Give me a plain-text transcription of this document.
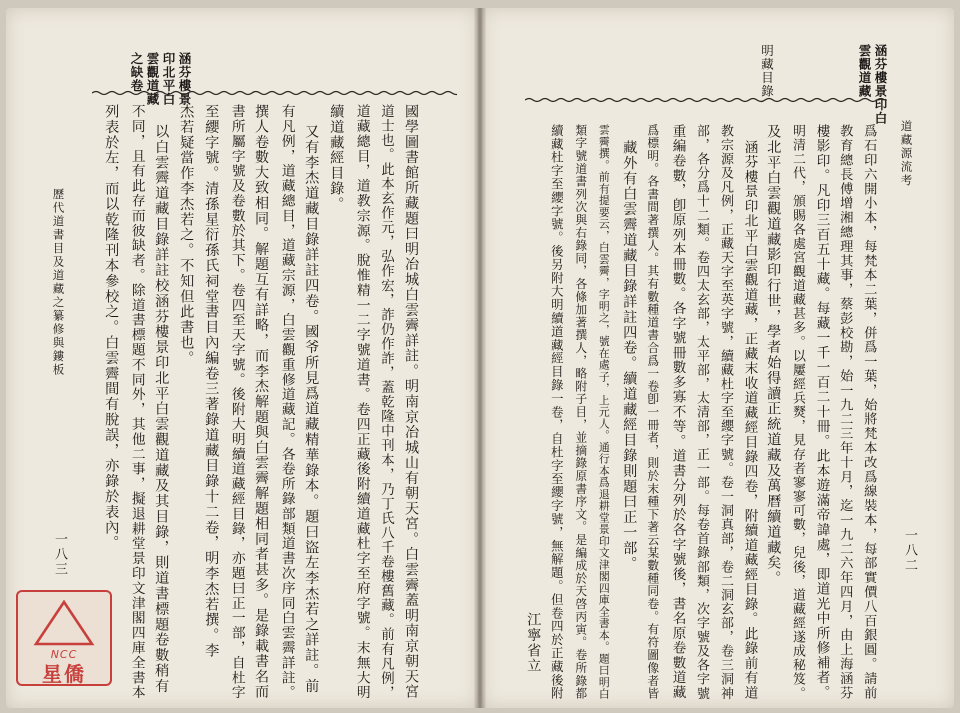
涵芬樓景印北平白雲觀道藏之缺卷
歷代道書目及道藏之纂修與鏤板
一八三	國學圖書館所藏題曰明冶城白雲霽詳註。明南京冶城山有朝天宮。白雲霽蓋明南京朝天宮
道士也。此本玄作元，弘作宏，詐仍作詐，蓋乾隆中刊本，乃丁氏八千卷樓舊藏。前有凡例，
道藏總目，道教宗源。脫惟精一二字號道書。卷四正藏後附續道藏杜字至府字號。末無大明
續道藏經目錄。
又有李杰道藏目錄詳註四卷。國爷所見爲道藏精華錄本。題曰盜左李杰若之詳註。前
有凡例，道藏總目，道藏宗源，白雲觀重修道藏記。各卷所錄部類道書次序同白雲霽詳註。
撰人卷數大致相同。解題互有詳略，而李杰解題與白雲霽解題相同者甚多。是錄載書名而
書所屬字號及卷數於其下。卷四至天字號。後附大明續道藏經目錄，亦題曰正一部，自杜字
至纓字號。清孫星衍孫氏祠堂書目內編卷三著錄道藏目錄十二卷，明李杰若撰。李
杰若疑當作李杰若之。不知但此書也。
以白雲霽道藏目錄詳註校涵芬樓景印北平白雲觀道藏及其目錄，則道書標題卷數稍有
不同，且有此存而彼缺者。除道書標題不同外，其他二事，擬退耕堂景印文津閣四庫全書本
列表於左，而以乾隆刊本參校之。白雲霽間有脫誤，亦錄於表內。
涵芬樓景印白雲觀道藏
明藏目錄
道藏源流考
一八二
爲石印六開小本，每梵本二葉，併爲一葉，始將梵本改爲線裝本，每部實價八百銀圓。請前
教育總長傅增湘總理其事，蔡彭校勘，始一九二三年十月，迄一九二六年四月，由上海涵芬
樓影印。凡印三百五十藏。每藏一千一百二十冊。此本遊滿帝諱處，即道光中所修補者。
明清二代，頒賜各處宮觀道藏甚多。以屢經兵燹，見存者寥寥可數，兒後，道藏經遂成秘笈。
及北平白雲觀道藏影印行世，學者始得讀正統道藏及萬曆續道藏矣。
涵芬樓景印北平白雲觀道藏，正藏末收道藏經目錄四卷，附續道藏經目錄。此錄前有道
教宗源及凡例，正藏天字至英字號，續藏杜字至纓字號。卷一洞真部，卷二洞玄部，卷三洞神
部，各分爲十二類。卷四太玄部，太平部，太清部，正一部。每卷首錄部類，次字號及各字號
重編卷數，卽原列本冊數。各字號冊數多寡不等。道書分列於各字號後，書名原卷數道藏
爲標明。各書間著撰人。其有數種道書合爲一卷卽一冊者，則於末種下著云某數種同卷。有符圖像者皆
藏外有白雲霽道藏目錄詳註四卷。續道藏經目錄則題曰正一部。
雲霽撰。前有提要云，白雲霽，字明之，號在處子，上元人。通行本爲退耕堂景印文津閣四庫全書本。題曰明白
類字號道書列次與右錄同，各條加著撰人，略附子目，並摘錄原書序文。是編成於天啓丙寅。卷所錄都
續藏杜字至纓字號。後另附大明續道藏經目錄一卷，自杜字至纓字號，無解題。但卷四於正藏後附
江寧省立
NCC
星僑
